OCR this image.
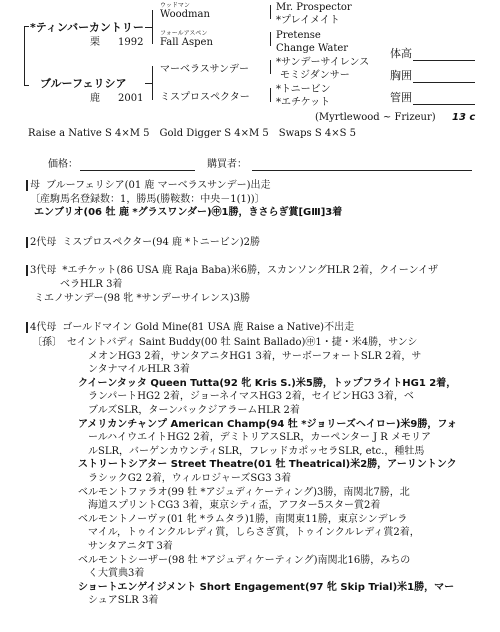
*ティンバーカントリー
栗 1992
ブルーフェリシア
鹿 2001
ウッドマン
Woodman
フォールアスペン
Fall Aspen
マーベラスサンデー
ミスプロスペクター
Mr. Prospector
*プレイメイト
Pretense
Change Water
*サンデーサイレンス
モミジダンサー
*トニービン
*エチケット
(Myrtlewood ~ Frizeur) 13 c
体高
胸囲
管囲
Raise a Native S 4×M 5　Gold Digger S 4×M 5　Swaps S 4×S 5
価格：	購買者：
母 ブルーフェリシア(01 鹿 マーベラスサンデー)出走
〔産駒馬名登録数：1，勝馬(勝鞍数：中央－1(1))〕
エンブリオ(06 牡 鹿 *グラスワンダー)㊥1勝，きさらぎ賞[GⅢ]3着
2代母 ミスプロスペクター(94 鹿 *トニービン)2勝
3代母 *エチケット(86 USA 鹿 Raja Baba)米6勝，スカンソングHLR 2着，クイーンイザ
ベラHLR 3着
ミエノサンデー(98 牝 *サンデーサイレンス)3勝
4代母 ゴールドマイン Gold Mine(81 USA 鹿 Raise a Native)不出走
〔孫〕　セイントバディ Saint Buddy(00 牡 Saint Ballado)㊥1・捷・米4勝，サンシ
メオンHG3 2着，サンタアニタHG1 3着，サーボーフォートSLR 2着，サ
ンタナマイルHLR 3着
クイーンタッタ Queen Tutta(92 牝 Kris S.)米5勝，トップフライトHG1 2着，
ランパートHG2 2着，ジョーネイマスHG3 2着，セイビンHG3 3着，ベ
ブルズSLR，ターンバックジアラームHLR 2着
アメリカンチャンプ American Champ(94 牡 *ジョリーズヘイロー)米9勝，フォ
ールハイウエイトHG2 2着，デミトリアスSLR，カーペンター J R メモリア
ルSLR，バーゲンカウンティSLR，フレッドカポッセラSLR, etc.，種牡馬
ストリートシアター Street Theatre(01 牡 Theatrical)米2勝，アーリントンク
ラシックG2 2着，ウィルロジャーズSG3 3着
ベルモントファラオ(99 牡 *アジュディケーティング)3勝，南関北7勝，北
海道スプリントCG3 3着，東京シティ盃，アフター5スター賞2着
ベルモントノーヴァ(01 牝 *ラムタラ)1勝，南関東11勝，東京シンデレラ
マイル，トゥインクルレディ賞，しらさぎ賞，トゥインクルレディ賞2着，
サンタアニタT 3着
ベルモントシーザー(98 牡 *アジュディケーティング)南関北16勝，みちの
く大賞典3着
ショートエンゲイジメント Short Engagement(97 牝 Skip Trial)米1勝，マー
シュアSLR 3着
